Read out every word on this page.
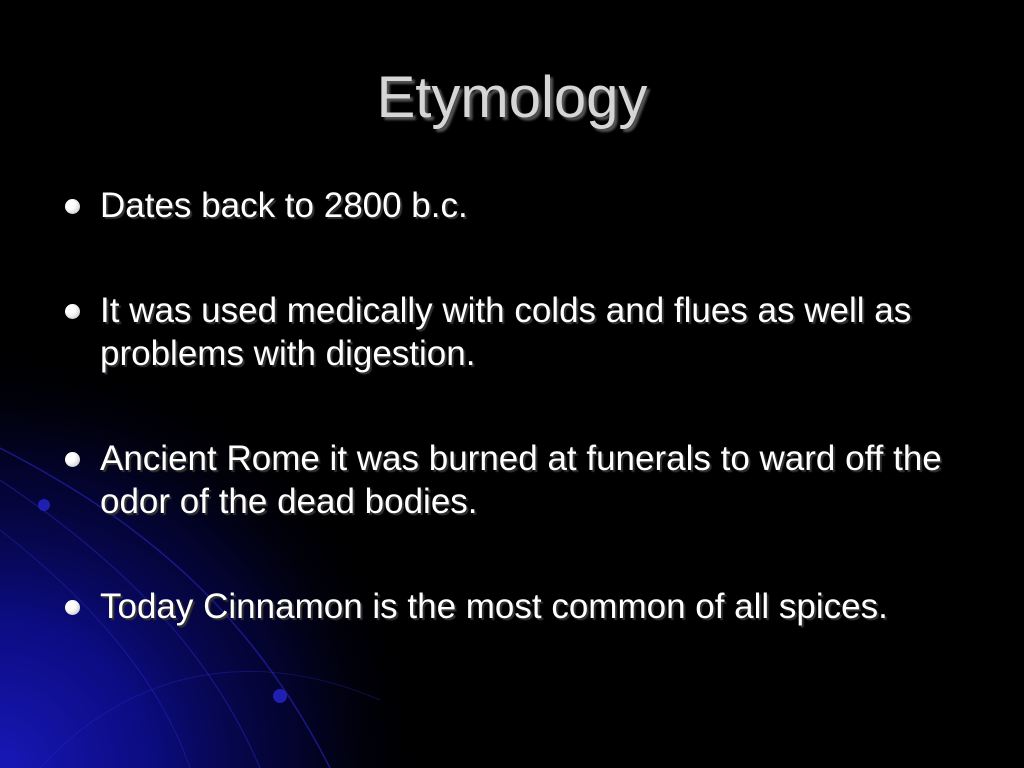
Etymology
Dates back to 2800 b.c.
It was used medically with colds and flues as well as problems with digestion.
Ancient Rome it was burned at funerals to ward off the odor of the dead bodies.
Today Cinnamon is the most common of all spices.
